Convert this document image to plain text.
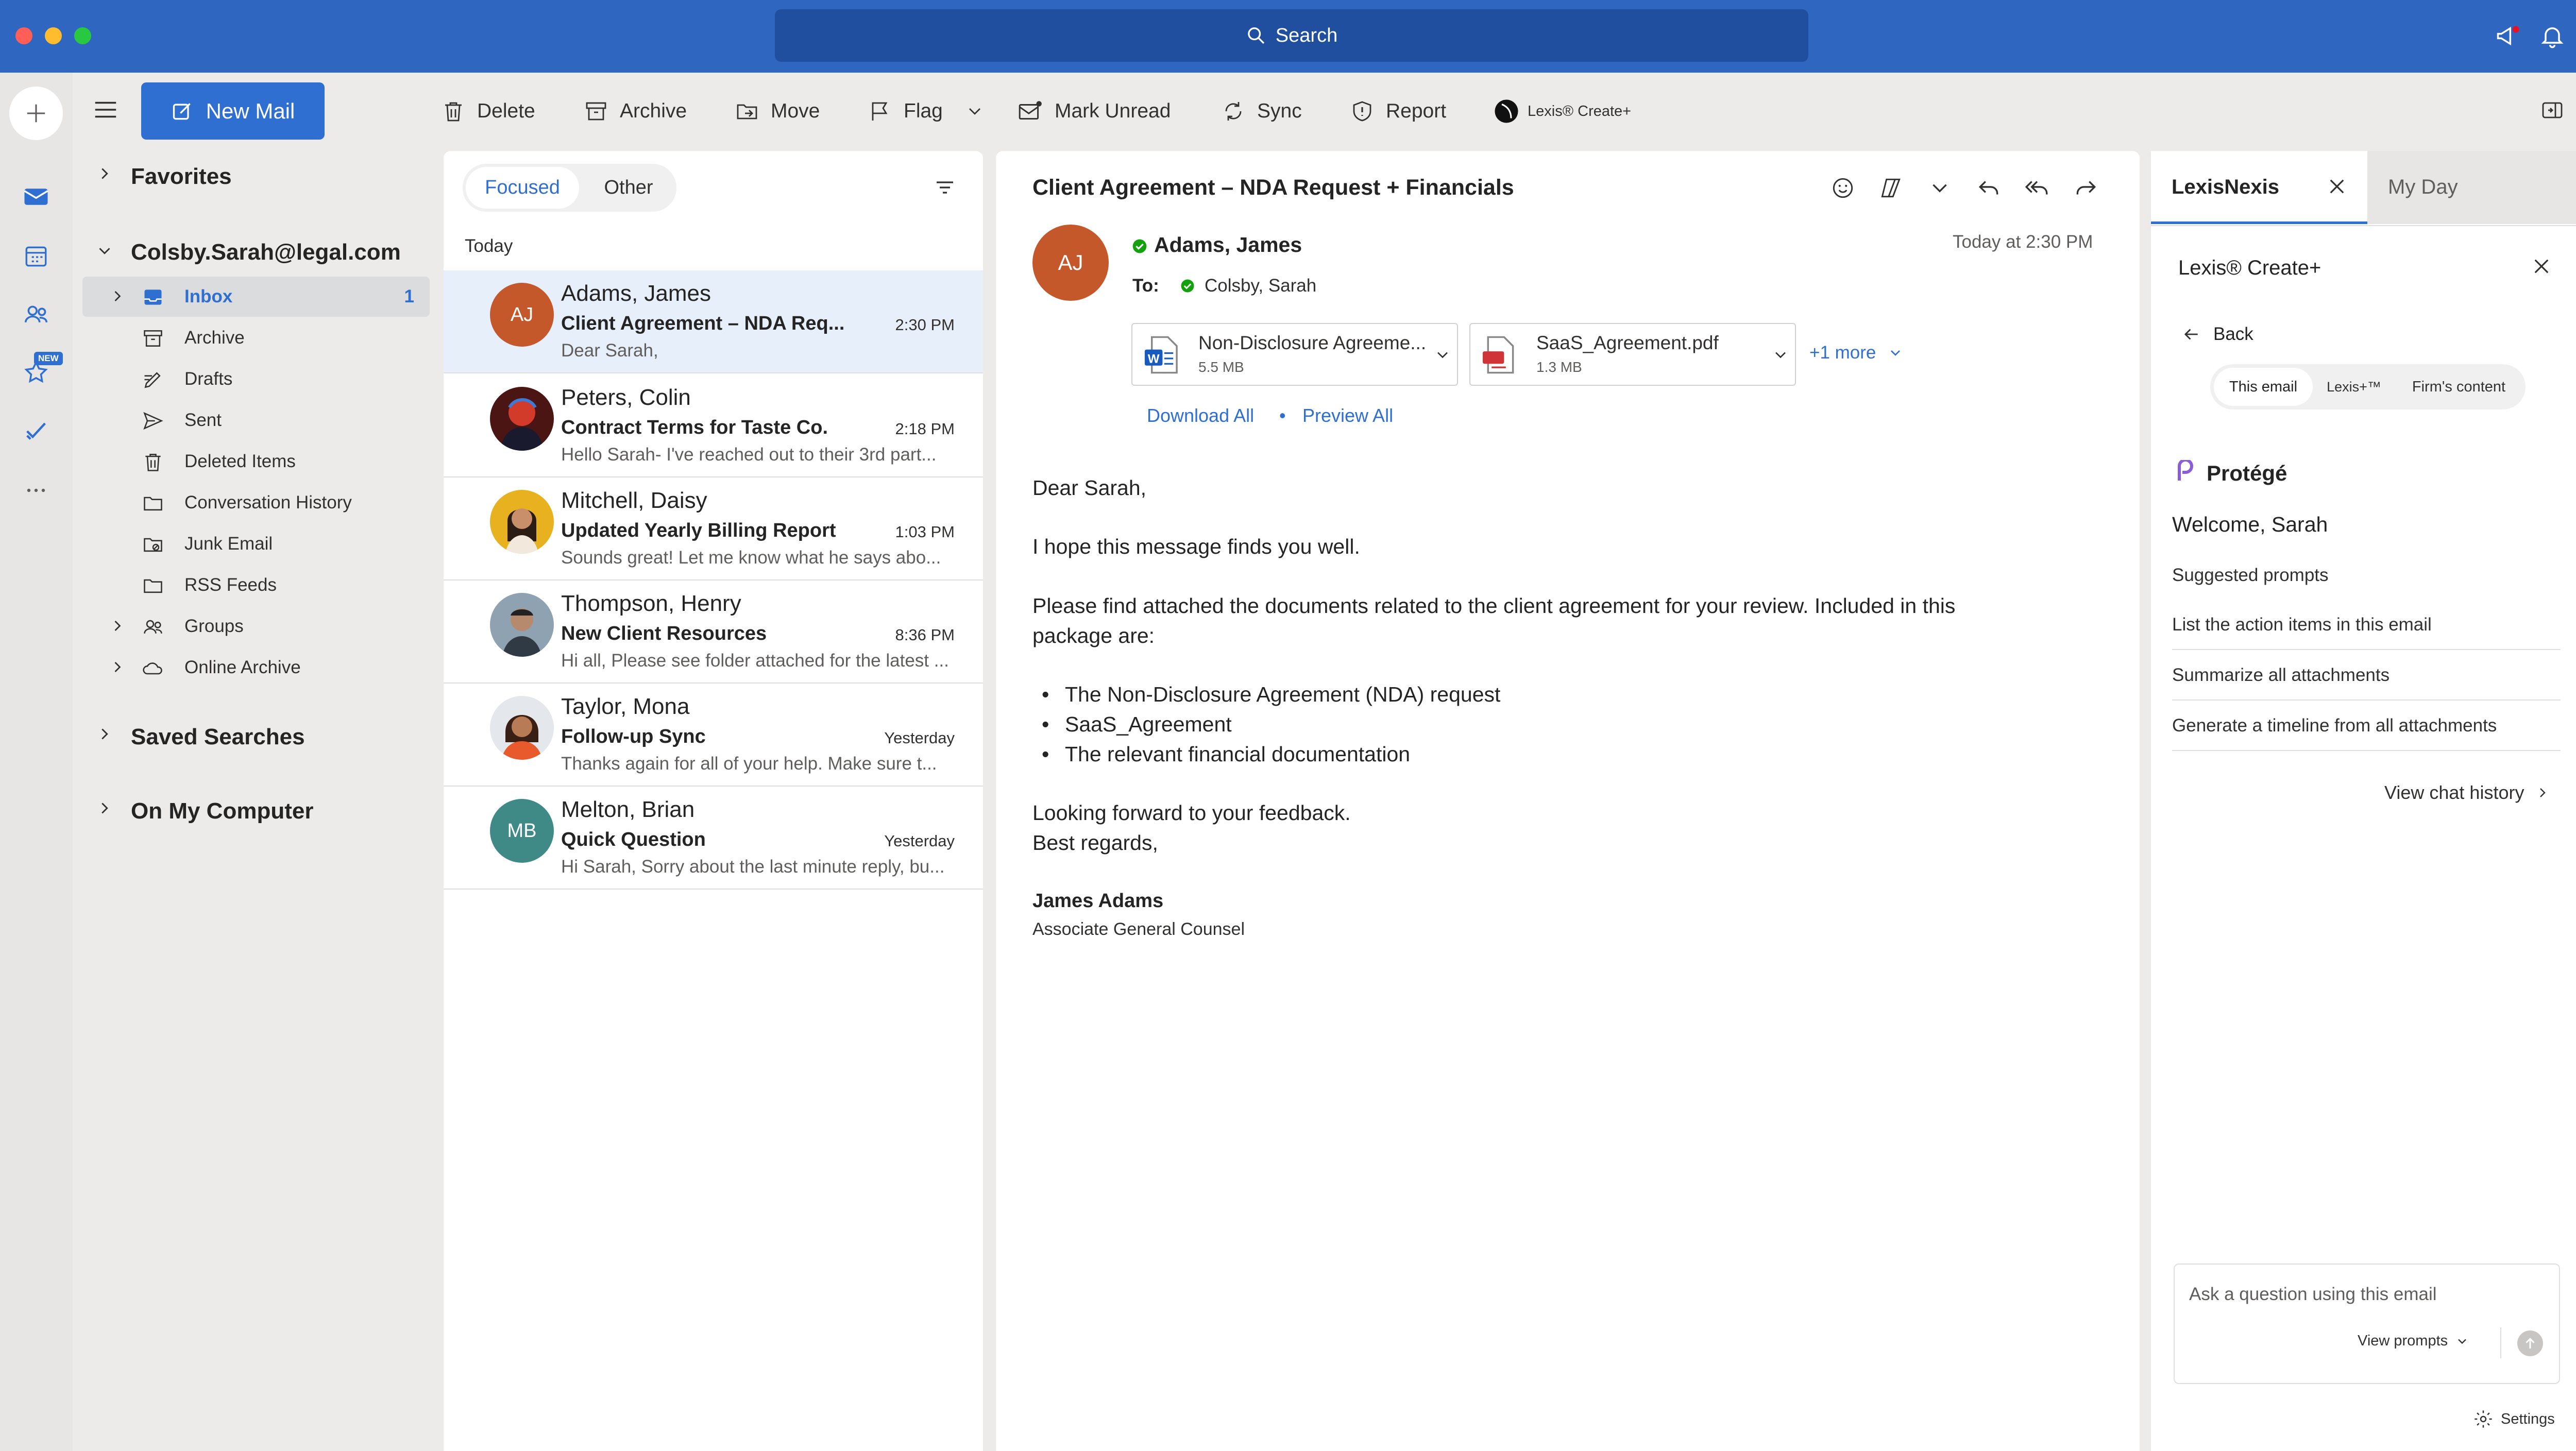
Search
NEW
New Mail	Delete	Archive	Move	Flag	Mark Unread	Sync	Report	Lexis® Create+
Favorites
Colsby.Sarah@legal.com
Inbox	1
Archive
Drafts
Sent
Deleted Items
Conversation History
Junk Email
RSS Feeds
Groups
Online Archive
Saved Searches
On My Computer
Focused	Other
Today
AJ
Adams, James
Client Agreement – NDA Req...	2:30 PM
Dear Sarah,
Peters, Colin
Contract Terms for Taste Co.	2:18 PM
Hello Sarah- I've reached out to their 3rd part...
Mitchell, Daisy
Updated Yearly Billing Report	1:03 PM
Sounds great! Let me know what he says abo...
Thompson, Henry
New Client Resources	8:36 PM
Hi all, Please see folder attached for the latest ...
Taylor, Mona
Follow-up Sync	Yesterday
Thanks again for all of your help. Make sure t...
MB
Melton, Brian
Quick Question	Yesterday
Hi Sarah, Sorry about the last minute reply, bu...
Client Agreement – NDA Request + Financials
AJ
Adams, James	Today at 2:30 PM
To:	Colsby, Sarah
W
Non-Disclosure Agreeme...
5.5 MB
SaaS_Agreement.pdf
1.3 MB
+1 more
Download All • Preview All
Dear Sarah,
I hope this message finds you well.
Please find attached the documents related to the client agreement for your review. Included in this
package are:
• The Non-Disclosure Agreement (NDA) request
• SaaS_Agreement
• The relevant financial documentation
Looking forward to your feedback.
Best regards,
James Adams
Associate General Counsel
LexisNexis	My Day
Lexis® Create+
Back
This email	Lexis+™	Firm's content
Protégé
Welcome, Sarah
Suggested prompts
List the action items in this email
Summarize all attachments
Generate a timeline from all attachments
View chat history
Ask a question using this email
View prompts
Settings
